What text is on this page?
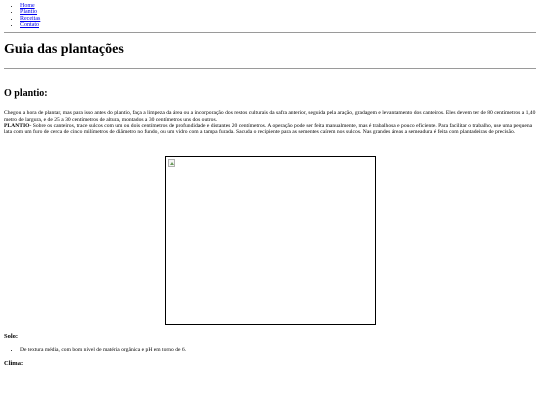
• Home
• Plantio
• Receitas
• Contato
Guia das plantações
O plantio:

Chegou a hora de plantar, mas para isso antes do plantio, faça a limpeza da área ou a incorporação dos restos culturais da safra anterior, seguida pela aração, gradagem e levantamento dos canteiros. Eles devem ter de 80 centímetros a 1,40 metro de largura, e de 25 a 30 centímetros de altura, montados a 30 centímetros uns dos outros.
PLANTIO- Sobre os canteiros, trace sulcos com um ou dois centímetros de profundidade e distantes 20 centímetros. A operação pode ser feita manualmente, mas é trabalhosa e pouco eficiente. Para facilitar o trabalho, use uma pequena lata com um furo de cerca de cinco milímetros de diâmetro no fundo, ou um vidro com a tampa furada. Sacuda o recipiente para as sementes caírem nos sulcos. Nas grandes áreas a semeadura é feita com plantadeiras de precisão.

Solo:
• De textura média, com bom nível de matéria orgânica e pH em torno de 6.
Clima:
